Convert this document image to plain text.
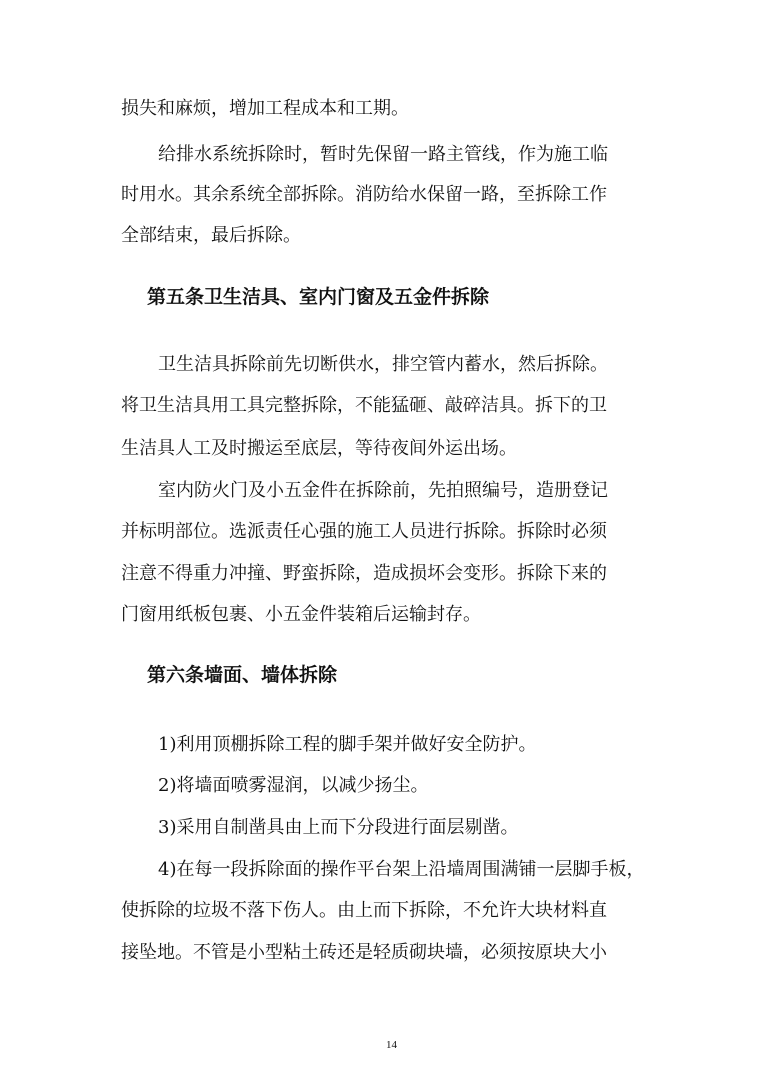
损失和麻烦，增加工程成本和工期。

给排水系统拆除时，暂时先保留一路主管线，作为施工临

时用水。其余系统全部拆除。消防给水保留一路，至拆除工作

全部结束，最后拆除。

第五条卫生洁具、室内门窗及五金件拆除

卫生洁具拆除前先切断供水，排空管内蓄水，然后拆除。

将卫生洁具用工具完整拆除，不能猛砸、敲碎洁具。拆下的卫

生洁具人工及时搬运至底层，等待夜间外运出场。

室内防火门及小五金件在拆除前，先拍照编号，造册登记

并标明部位。选派责任心强的施工人员进行拆除。拆除时必须

注意不得重力冲撞、野蛮拆除，造成损坏会变形。拆除下来的

门窗用纸板包裹、小五金件装箱后运输封存。

第六条墙面、墙体拆除

1)利用顶棚拆除工程的脚手架并做好安全防护。

2)将墙面喷雾湿润，以减少扬尘。

3)采用自制凿具由上而下分段进行面层剔凿。

4)在每一段拆除面的操作平台架上沿墙周围满铺一层脚手板，

使拆除的垃圾不落下伤人。由上而下拆除，不允许大块材料直

接坠地。不管是小型粘土砖还是轻质砌块墙，必须按原块大小

14
